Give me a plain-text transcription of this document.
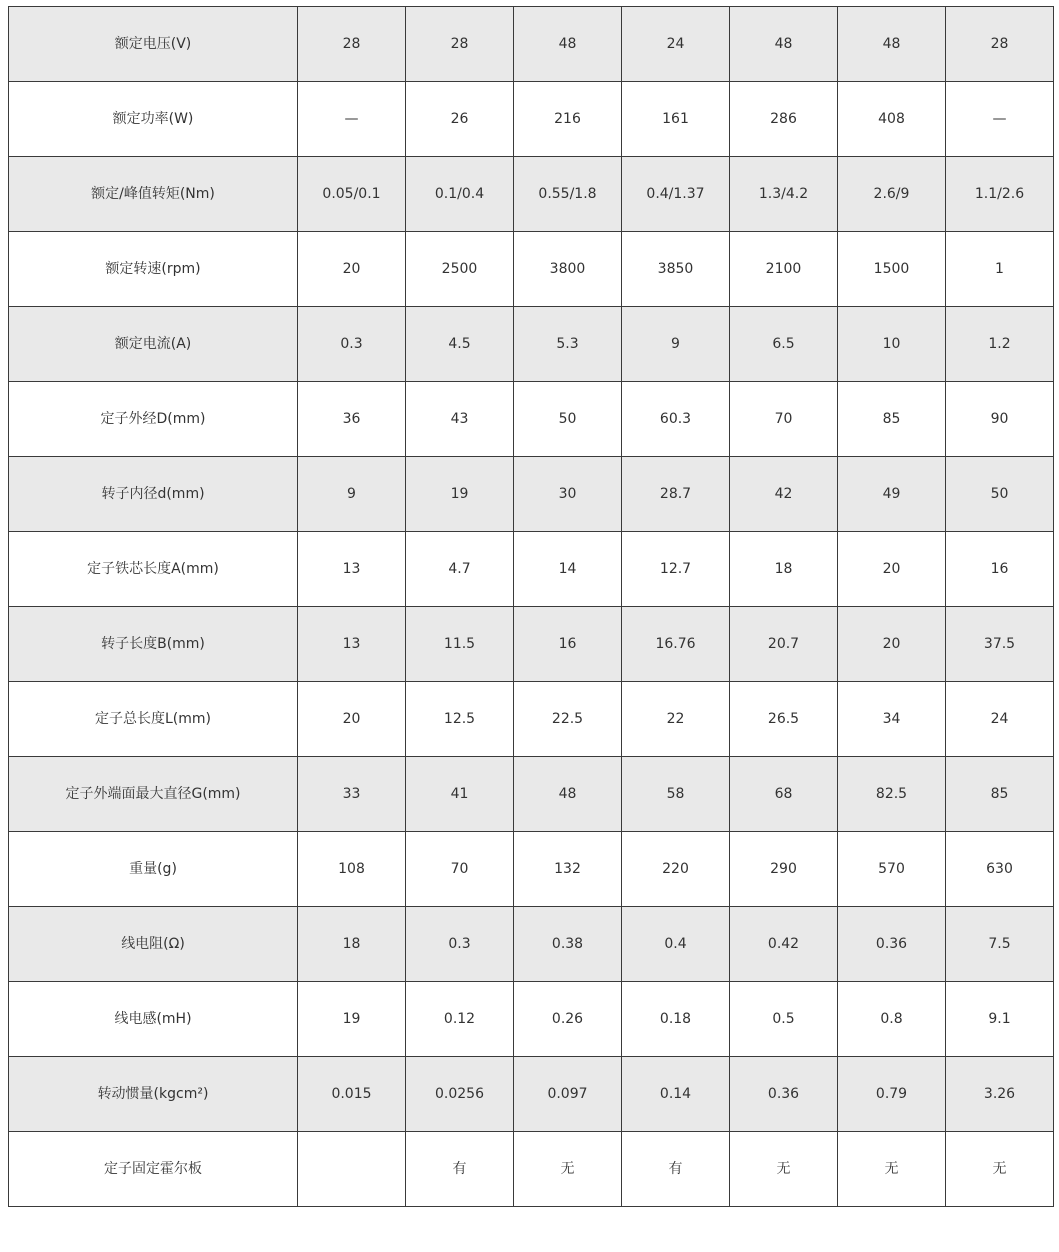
额定电压(V)	28	28	48	24	48	48	28
额定功率(W)	—	26	216	161	286	408	—
额定/峰值转矩(Nm)	0.05/0.1	0.1/0.4	0.55/1.8	0.4/1.37	1.3/4.2	2.6/9	1.1/2.6
额定转速(rpm)	20	2500	3800	3850	2100	1500	1
额定电流(A)	0.3	4.5	5.3	9	6.5	10	1.2
定子外经D(mm)	36	43	50	60.3	70	85	90
转子内径d(mm)	9	19	30	28.7	42	49	50
定子铁芯长度A(mm)	13	4.7	14	12.7	18	20	16
转子长度B(mm)	13	11.5	16	16.76	20.7	20	37.5
定子总长度L(mm)	20	12.5	22.5	22	26.5	34	24
定子外端面最大直径G(mm)	33	41	48	58	68	82.5	85
重量(g)	108	70	132	220	290	570	630
线电阻(Ω)	18	0.3	0.38	0.4	0.42	0.36	7.5
线电感(mH)	19	0.12	0.26	0.18	0.5	0.8	9.1
转动惯量(kgcm²)	0.015	0.0256	0.097	0.14	0.36	0.79	3.26
定子固定霍尔板		有	无	有	无	无	无
